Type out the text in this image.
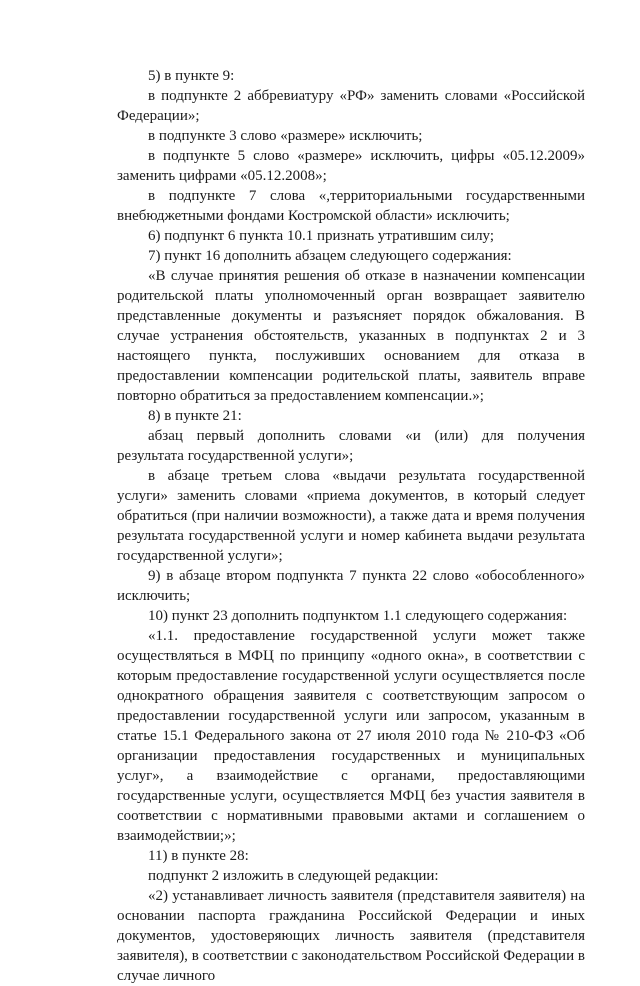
5) в пункте 9:

в подпункте 2 аббревиатуру «РФ» заменить словами «Российской Федерации»;

в подпункте 3 слово «размере» исключить;

в подпункте 5 слово «размере» исключить, цифры «05.12.2009» заменить цифрами «05.12.2008»;

в подпункте 7 слова «,территориальными государственными внебюджетными фондами Костромской области» исключить;

6) подпункт 6 пункта 10.1 признать утратившим силу;

7) пункт 16 дополнить абзацем следующего содержания:

«В случае принятия решения об отказе в назначении компенсации родительской платы уполномоченный орган возвращает заявителю представленные документы и разъясняет порядок обжалования. В случае устранения обстоятельств, указанных в подпунктах 2 и 3 настоящего пункта, послуживших основанием для отказа в предоставлении компенсации родительской платы, заявитель вправе повторно обратиться за предоставлением компенсации.»;

8) в пункте 21:

абзац первый дополнить словами «и (или) для получения результата государственной услуги»;

в абзаце третьем слова «выдачи результата государственной услуги» заменить словами «приема документов, в который следует обратиться (при наличии возможности), а также дата и время получения результата государственной услуги и номер кабинета выдачи результата государственной услуги»;

9) в абзаце втором подпункта 7 пункта 22 слово «обособленного» исключить;

10) пункт 23 дополнить подпунктом 1.1 следующего содержания:

«1.1. предоставление государственной услуги может также осуществляться в МФЦ по принципу «одного окна», в соответствии с которым предоставление государственной услуги осуществляется после однократного обращения заявителя с соответствующим запросом о предоставлении государственной услуги или запросом, указанным в статье 15.1 Федерального закона от 27 июля 2010 года № 210-ФЗ «Об организации предоставления государственных и муниципальных услуг», а взаимодействие с органами, предоставляющими государственные услуги, осуществляется МФЦ без участия заявителя в соответствии с нормативными правовыми актами и соглашением о взаимодействии;»;

11) в пункте 28:

подпункт 2 изложить в следующей редакции:

«2) устанавливает личность заявителя (представителя заявителя) на основании паспорта гражданина Российской Федерации и иных документов, удостоверяющих личность заявителя (представителя заявителя), в соответствии с законодательством Российской Федерации в случае личного
